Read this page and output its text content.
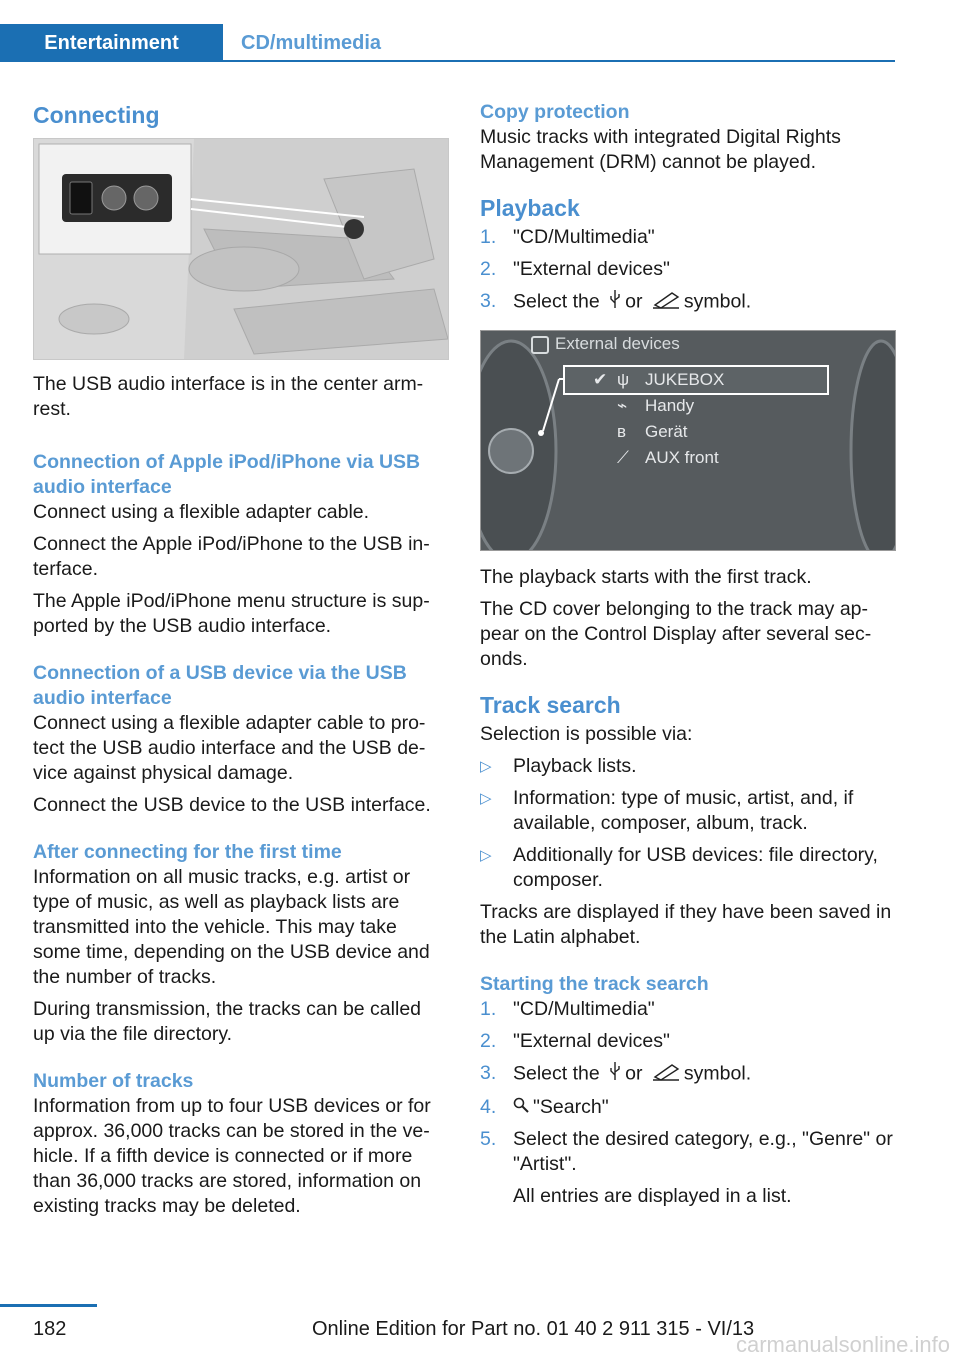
Entertainment	CD/multimedia
Connecting

The USB audio interface is in the center arm-rest.

Connection of Apple iPod/iPhone via USB audio interface

Connect using a flexible adapter cable.

Connect the Apple iPod/iPhone to the USB in-terface.

The Apple iPod/iPhone menu structure is sup-ported by the USB audio interface.

Connection of a USB device via the USB audio interface

Connect using a flexible adapter cable to pro-tect the USB audio interface and the USB de-vice against physical damage.

Connect the USB device to the USB interface.

After connecting for the first time

Information on all music tracks, e.g. artist or type of music, as well as playback lists are transmitted into the vehicle. This may take some time, depending on the USB device and the number of tracks.

During transmission, the tracks can be called up via the file directory.

Number of tracks

Information from up to four USB devices or for approx. 36,000 tracks can be stored in the ve-hicle. If a fifth device is connected or if more than 36,000 tracks are stored, information on existing tracks may be deleted.

Copy protection

Music tracks with integrated Digital Rights Management (DRM) cannot be played.

Playback
1. "CD/Multimedia"
2. "External devices"
3. Select the or symbol.
External devices
✔ ψ JUKEBOX
⌁ Handy
ʙ Gerät
⟋ AUX front

The playback starts with the first track.

The CD cover belonging to the track may ap-pear on the Control Display after several sec-onds.

Track search

Selection is possible via:

▷ Playback lists.
▷ Information: type of music, artist, and, if available, composer, album, track.
▷ Additionally for USB devices: file directory, composer.

Tracks are displayed if they have been saved in the Latin alphabet.

Starting the track search
1. "CD/Multimedia"
2. "External devices"
3. Select the or symbol.
4. "Search"
5. Select the desired category, e.g., "Genre" or "Artist".
All entries are displayed in a list.
182	Online Edition for Part no. 01 40 2 911 315 - VI/13
carmanualsonline.info
